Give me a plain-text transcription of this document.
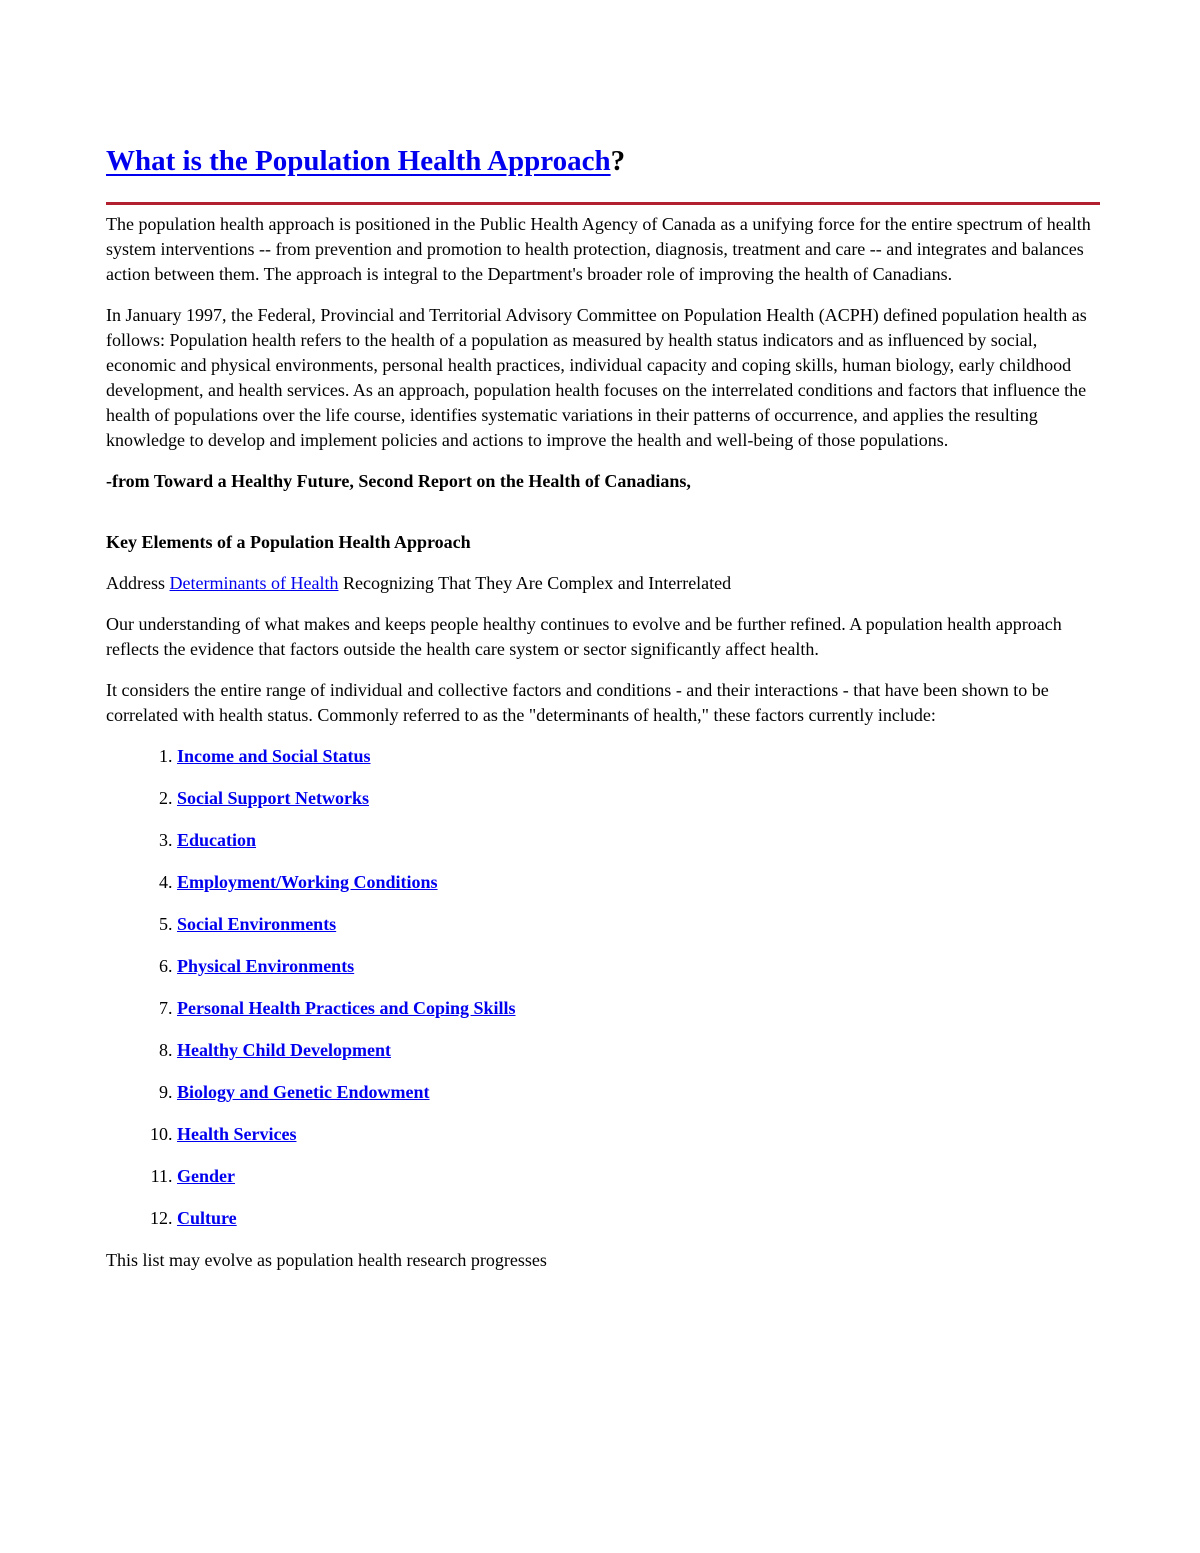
What is the Population Health Approach?

The population health approach is positioned in the Public Health Agency of Canada as a unifying force for the entire spectrum of health system interventions -- from prevention and promotion to health protection, diagnosis, treatment and care -- and integrates and balances action between them. The approach is integral to the Department's broader role of improving the health of Canadians.

In January 1997, the Federal, Provincial and Territorial Advisory Committee on Population Health (ACPH) defined population health as follows: Population health refers to the health of a population as measured by health status indicators and as influenced by social, economic and physical environments, personal health practices, individual capacity and coping skills, human biology, early childhood development, and health services. As an approach, population health focuses on the interrelated conditions and factors that influence the health of populations over the life course, identifies systematic variations in their patterns of occurrence, and applies the resulting knowledge to develop and implement policies and actions to improve the health and well-being of those populations.

-from Toward a Healthy Future, Second Report on the Health of Canadians,

Key Elements of a Population Health Approach

Address Determinants of Health Recognizing That They Are Complex and Interrelated

Our understanding of what makes and keeps people healthy continues to evolve and be further refined. A population health approach reflects the evidence that factors outside the health care system or sector significantly affect health.

It considers the entire range of individual and collective factors and conditions - and their interactions - that have been shown to be correlated with health status. Commonly referred to as the "determinants of health," these factors currently include:

1. Income and Social Status
2. Social Support Networks
3. Education
4. Employment/Working Conditions
5. Social Environments
6. Physical Environments
7. Personal Health Practices and Coping Skills
8. Healthy Child Development
9. Biology and Genetic Endowment
10. Health Services
11. Gender
12. Culture

This list may evolve as population health research progresses
